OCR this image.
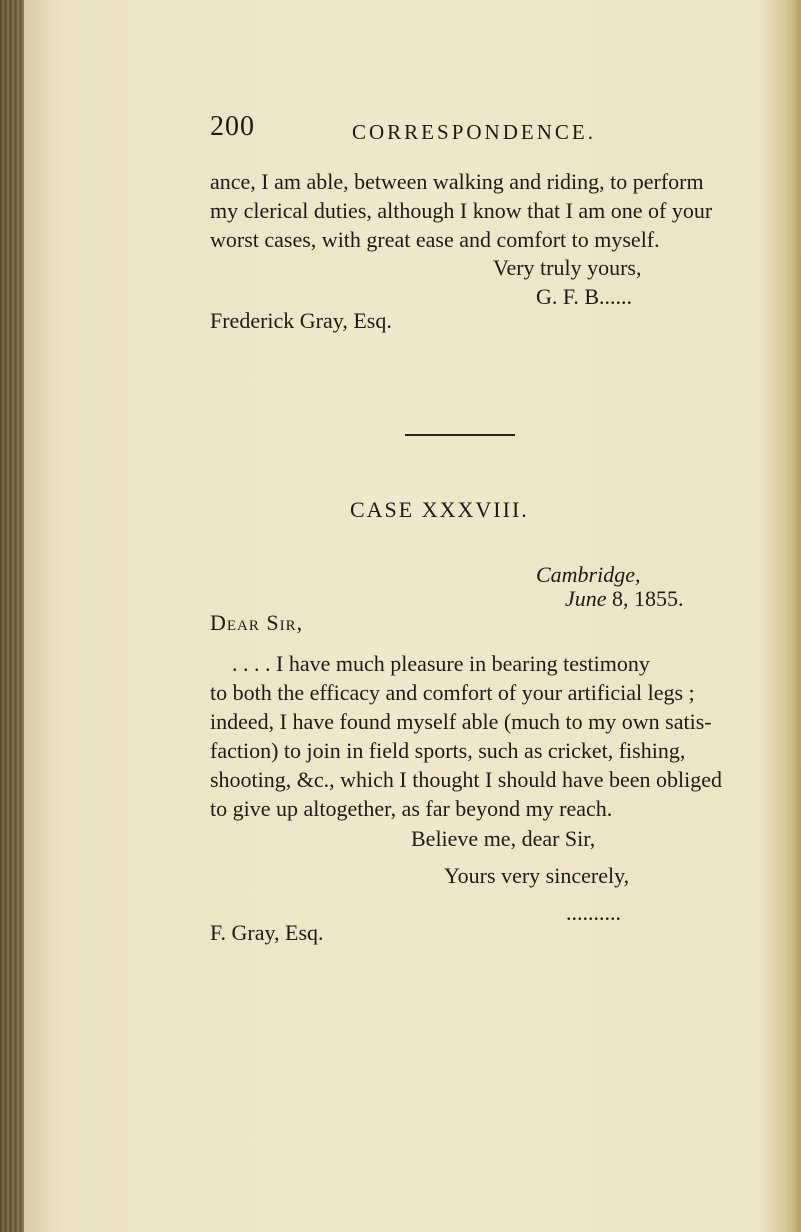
200	CORRESPONDENCE.
ance, I am able, between walking and riding, to perform
my clerical duties, although I know that I am one of your
worst cases, with great ease and comfort to myself.
Very truly yours,
G. F. B......
Frederick Gray, Esq.
CASE XXXVIII.
Cambridge,
June 8, 1855.
Dear Sir,
. . . . I have much pleasure in bearing testimony
to both the efficacy and comfort of your artificial legs ;
indeed, I have found myself able (much to my own satis-
faction) to join in field sports, such as cricket, fishing,
shooting, &c., which I thought I should have been obliged
to give up altogether, as far beyond my reach.
Believe me, dear Sir,
Yours very sincerely,
..........
F. Gray, Esq.
